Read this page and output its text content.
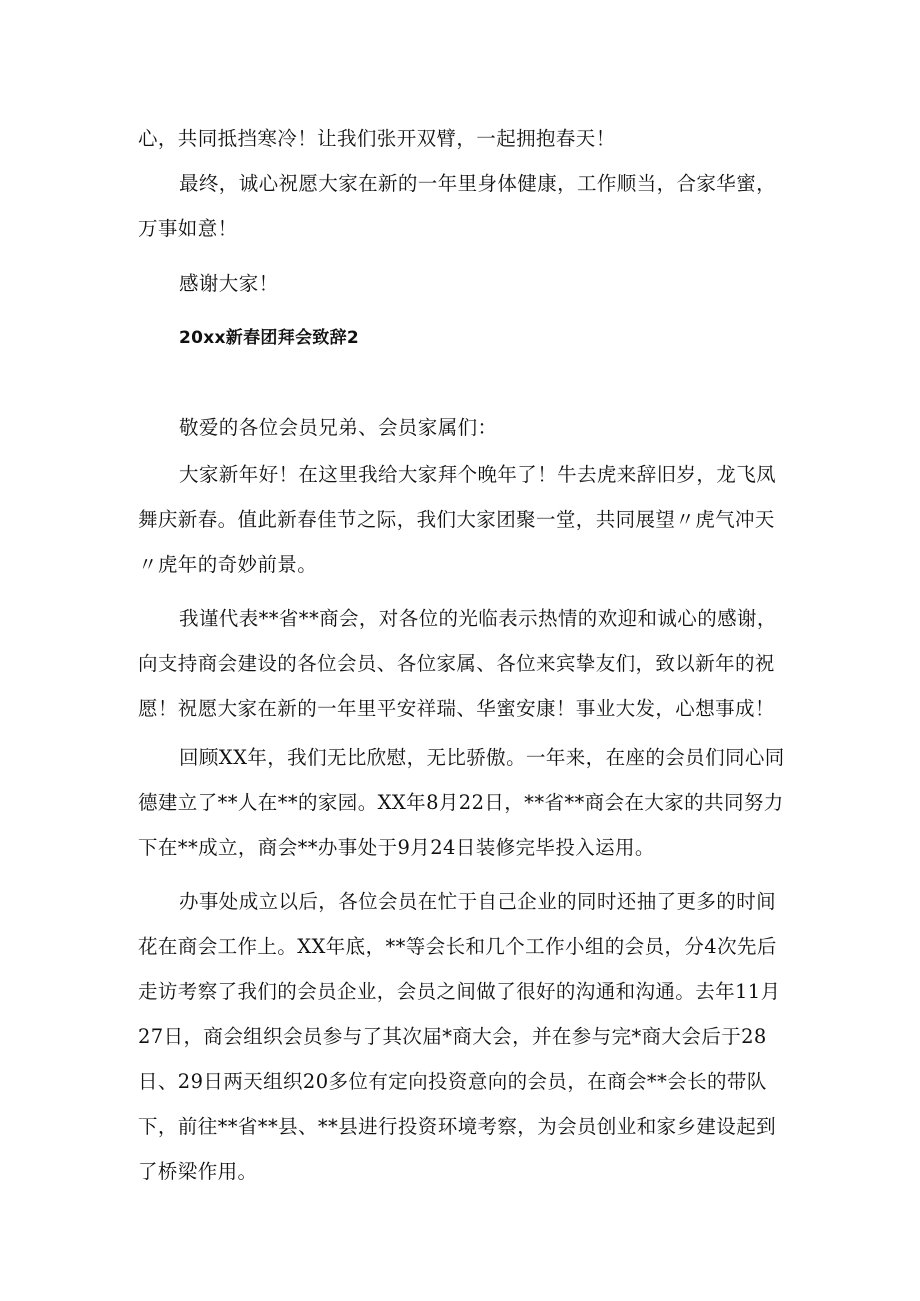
心，共同抵挡寒冷！让我们张开双臂，一起拥抱春天！

最终，诚心祝愿大家在新的一年里身体健康，工作顺当，合家华蜜，万事如意！

感谢大家！

20xx新春团拜会致辞2

敬爱的各位会员兄弟、会员家属们：

大家新年好！在这里我给大家拜个晚年了！牛去虎来辞旧岁，龙飞凤舞庆新春。值此新春佳节之际，我们大家团聚一堂，共同展望〃虎气冲天〃虎年的奇妙前景。

我谨代表**省**商会，对各位的光临表示热情的欢迎和诚心的感谢，向支持商会建设的各位会员、各位家属、各位来宾挚友们，致以新年的祝愿！祝愿大家在新的一年里平安祥瑞、华蜜安康！事业大发，心想事成！

回顾XX年，我们无比欣慰，无比骄傲。一年来，在座的会员们同心同德建立了**人在**的家园。XX年8月22日，**省**商会在大家的共同努力下在**成立，商会**办事处于9月24日装修完毕投入运用。

办事处成立以后，各位会员在忙于自己企业的同时还抽了更多的时间花在商会工作上。XX年底，**等会长和几个工作小组的会员，分4次先后走访考察了我们的会员企业，会员之间做了很好的沟通和沟通。去年11月27日，商会组织会员参与了其次届*商大会，并在参与完*商大会后于28日、29日两天组织20多位有定向投资意向的会员，在商会**会长的带队下，前往**省**县、**县进行投资环境考察，为会员创业和家乡建设起到了桥梁作用。
